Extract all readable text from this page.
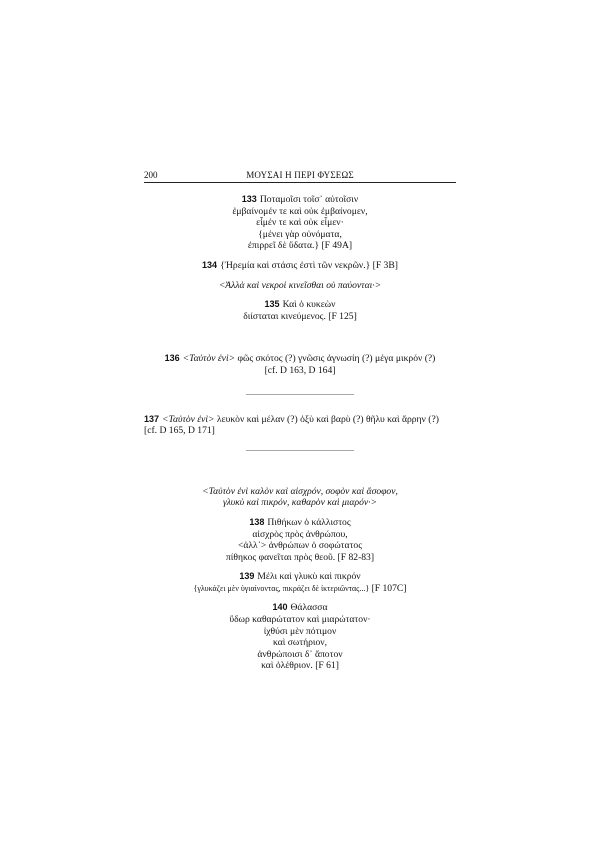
200	ΜΟΥΣΑΙ Η ΠΕΡΙ ΦΥΣΕΩΣ
133 Ποταμοῖσι τοῖσ᾿ αὐτοῖσιν
ἐμβαίνομέν τε καὶ οὐκ ἐμβαίνομεν,
εἶμέν τε καὶ οὐκ εἶμεν·
{μένει γὰρ οὐνόματα,
ἐπιρρεῖ δὲ ὕδατα.} [F 49A]
134 {Ἠρεμία καὶ στάσις ἐστὶ τῶν νεκρῶν.} [F 3B]
<Ἀλλὰ καὶ νεκροὶ κινεῖσθαι οὐ παύονται·>
135 Καὶ ὁ κυκεὼν
διίσταται κινεύμενος. [F 125]
136 <Ταὐτὸν ἐνὶ> φῶς σκότος (?) γνῶσις ἀγνωσίη (?) μέγα μικρόν (?)
[cf. D 163, D 164]
......................................................
137 <Ταὐτὸν ἐνὶ> λευκὸν καὶ μέλαν (?) ὀξὺ καὶ βαρὺ (?) θῆλυ καὶ ἄρρην (?)
[cf. D 165, D 171]
......................................................
<Ταὐτὸν ἐνὶ καλὸν καὶ αἰσχρόν, σοφὸν καὶ ἄσοφον,
γλυκὺ καὶ πικρόν, καθαρὸν καὶ μιαρόν·>
138 Πιθήκων ὁ κάλλιστος
αἰσχρὸς πρὸς ἀνθρώπου,
<ἀλλ᾿> ἀνθρώπων ὁ σοφώτατος
πίθηκος φανεῖται πρὸς θεοῦ. [F 82-83]
139 Μέλι καὶ γλυκὺ καὶ πικρόν
{γλυκάζει μὲν ὑγιαίνοντας, πικράζει δὲ ἰκτεριῶντας...} [F 107C]
140 Θάλασσα
ὕδωρ καθαρώτατον καὶ μιαρώτατον·
ἰχθύσι μὲν πότιμον
καὶ σωτήριον,
ἀνθρώποισι δ᾿ ἄποτον
καὶ ὀλέθριον. [F 61]
